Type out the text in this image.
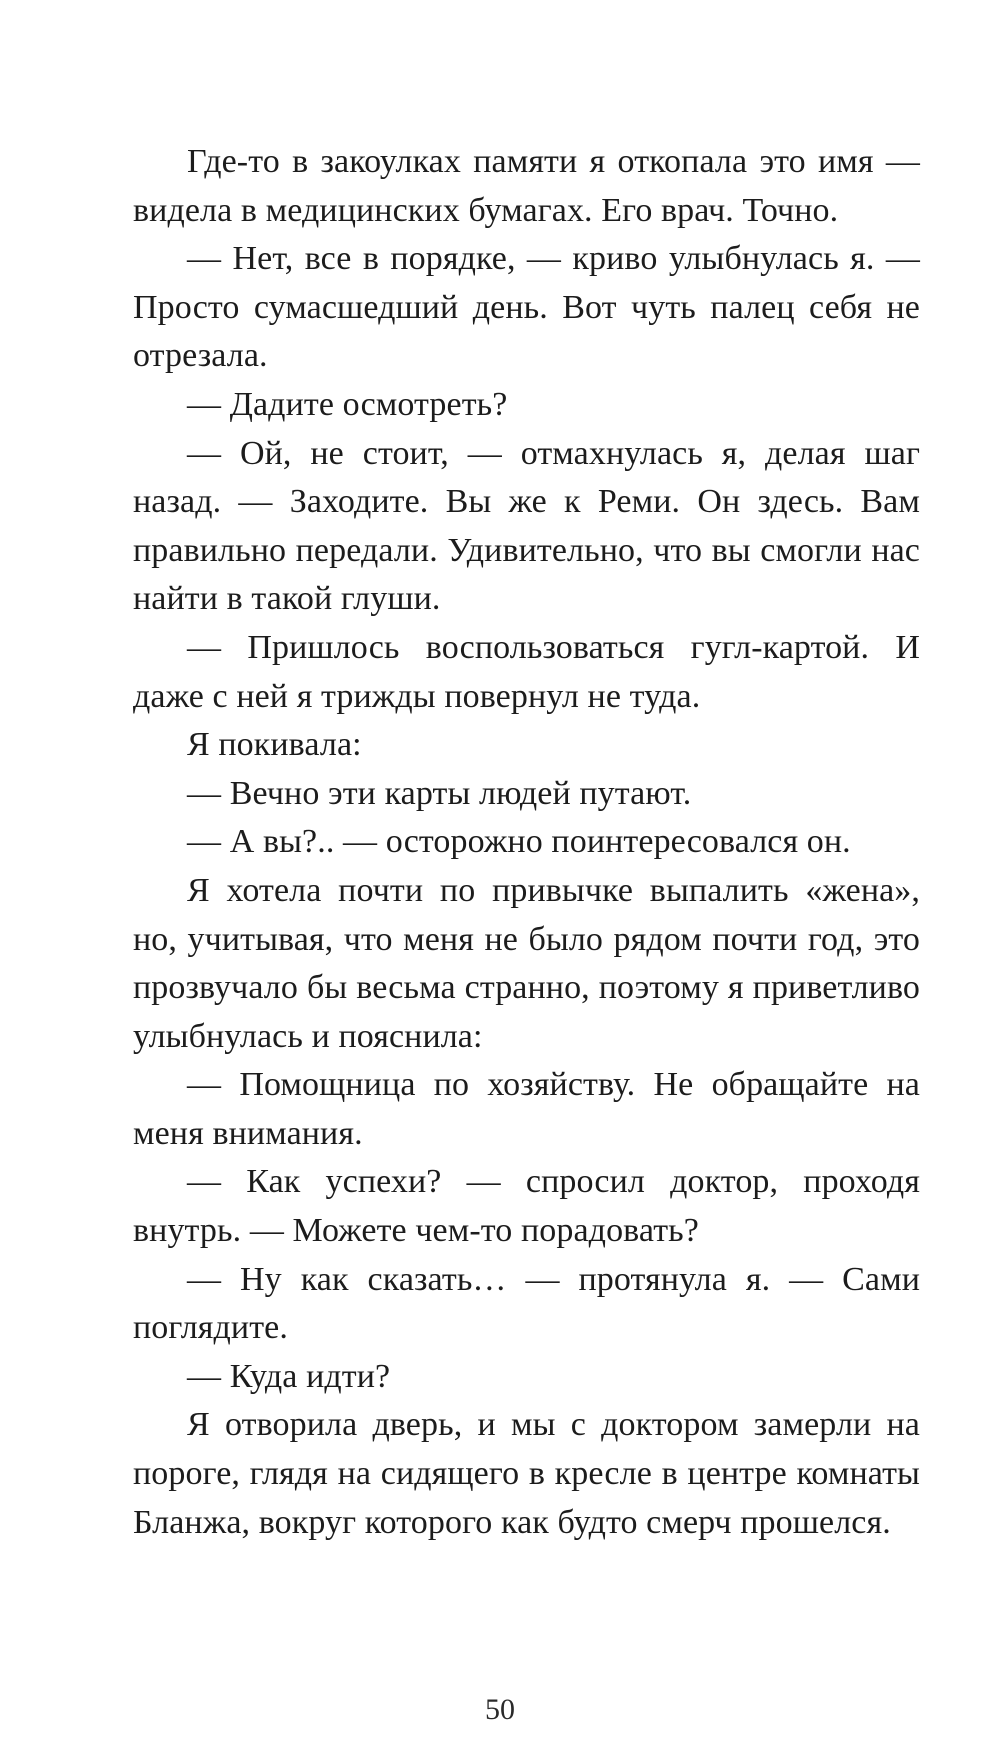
Где-то в закоулках памяти я откопала это имя — видела в медицинских бумагах. Его врач. Точно.

— Нет, все в порядке, — криво улыбнулась я. — Просто сумасшедший день. Вот чуть палец себя не отрезала.

— Дадите осмотреть?

— Ой, не стоит, — отмахнулась я, делая шаг назад. — Заходите. Вы же к Реми. Он здесь. Вам правильно передали. Удивительно, что вы смогли нас найти в такой глуши.

— Пришлось воспользоваться гугл-картой. И даже с ней я трижды повернул не туда.

Я покивала:

— Вечно эти карты людей путают.

— А вы?.. — осторожно поинтересовался он.

Я хотела почти по привычке выпалить «жена», но, учитывая, что меня не было рядом почти год, это прозвучало бы весьма странно, поэтому я приветливо улыбнулась и пояснила:

— Помощница по хозяйству. Не обращайте на меня внимания.

— Как успехи? — спросил доктор, проходя внутрь. — Можете чем-то порадовать?

— Ну как сказать… — протянула я. — Сами поглядите.

— Куда идти?

Я отворила дверь, и мы с доктором замерли на пороге, глядя на сидящего в кресле в центре комнаты Бланжа, вокруг которого как будто смерч прошелся.

50
